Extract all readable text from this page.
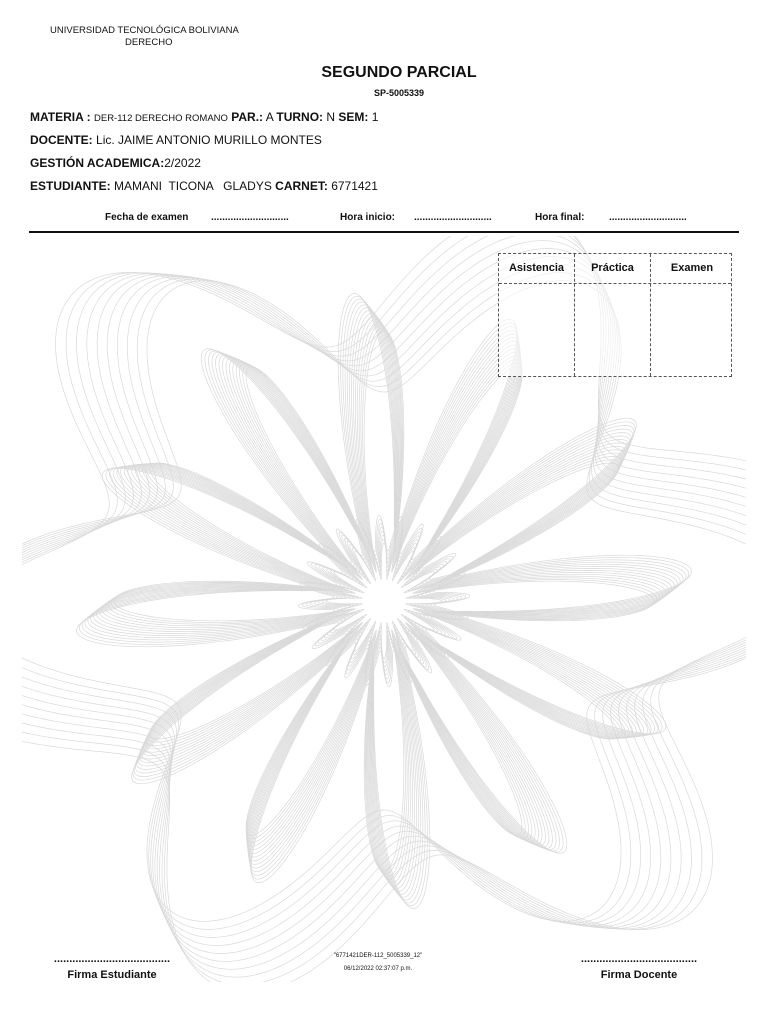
UNIVERSIDAD TECNOLÓGICA BOLIVIANA
DERECHO
SEGUNDO PARCIAL
SP-5005339
MATERIA : DER-112 DERECHO ROMANO PAR.: A TURNO: N SEM: 1
DOCENTE: Lic. JAIME ANTONIO MURILLO MONTES
GESTIÓN ACADEMICA:2/2022
ESTUDIANTE: MAMANI  TICONA   GLADYS CARNET: 6771421
Fecha de examen ............................	Hora inicio: ............................	Hora final: ............................
Asistencia	Práctica	Examen
......................................
Firma Estudiante
"6771421DER-112_5005339_12"
06/12/2022 02:37:07 p.m.
......................................
Firma Docente
